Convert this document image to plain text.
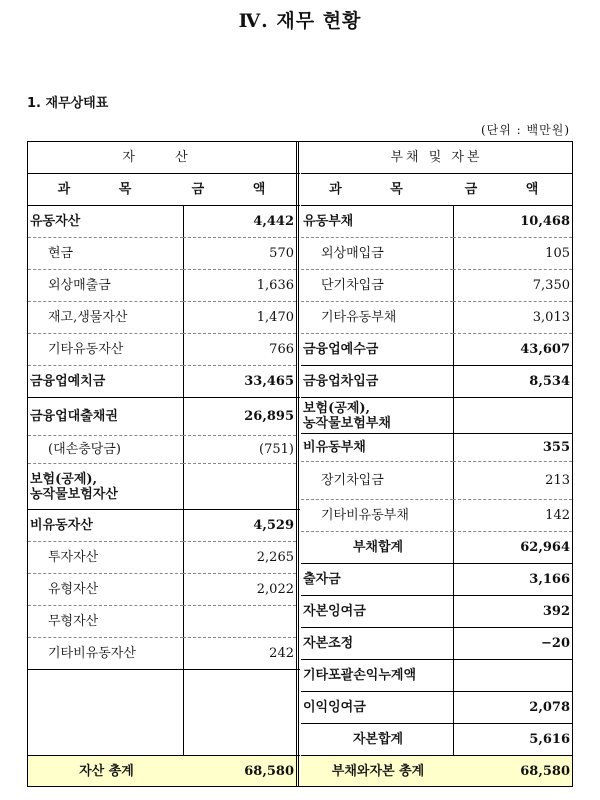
Ⅳ. 재무 현황
1. 재무상태표
(단위 : 백만원)
자 산
과 목	금 액
유동자산	4,442
현금	570
외상매출금	1,636
재고,생물자산	1,470
기타유동자산	766
금융업예치금	33,465
금융업대출채권	26,895
(대손충당금)	(751)
보험(공제),
농작물보험자산
비유동자산	4,529
투자자산	2,265
유형자산	2,022
무형자산
기타비유동자산	242
자산 총계	68,580
부채 및 자본
과 목	금 액
유동부채	10,468
외상매입금	105
단기차입금	7,350
기타유동부채	3,013
금융업예수금	43,607
금융업차입금	8,534
보험(공제),
농작물보험부채
비유동부채	355
장기차입금	213
기타비유동부채	142
부채합계	62,964
출자금	3,166
자본잉여금	392
자본조정	−20
기타포괄손익누계액
이익잉여금	2,078
자본합계	5,616
부채와자본 총계	68,580
